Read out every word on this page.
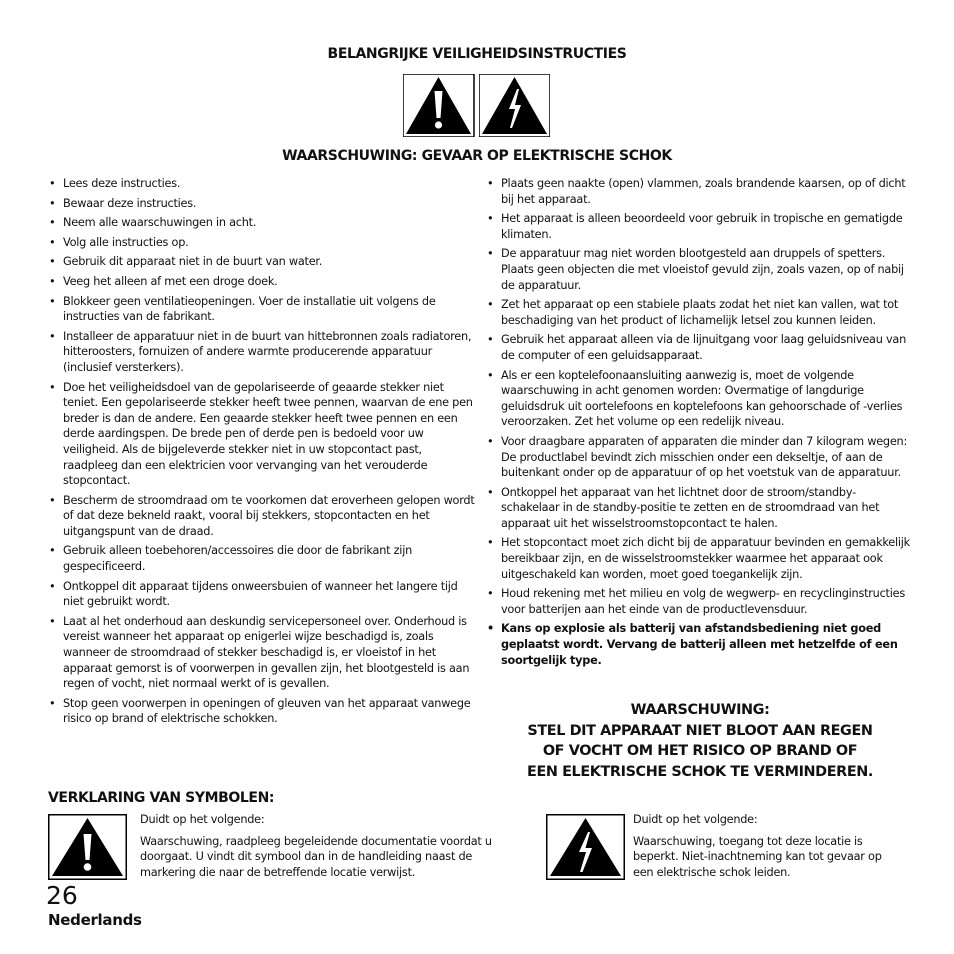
BELANGRIJKE VEILIGHEIDSINSTRUCTIES
WAARSCHUWING: GEVAAR OP ELEKTRISCHE SCHOK
• Lees deze instructies.
• Bewaar deze instructies.
• Neem alle waarschuwingen in acht.
• Volg alle instructies op.
• Gebruik dit apparaat niet in de buurt van water.
• Veeg het alleen af met een droge doek.
• Blokkeer geen ventilatieopeningen. Voer de installatie uit volgens de instructies van de fabrikant.
• Installeer de apparatuur niet in de buurt van hittebronnen zoals radiatoren, hitteroosters, fornuizen of andere warmte producerende apparatuur (inclusief versterkers).
• Doe het veiligheidsdoel van de gepolariseerde of geaarde stekker niet teniet. Een gepolariseerde stekker heeft twee pennen, waarvan de ene pen breder is dan de andere. Een geaarde stekker heeft twee pennen en een derde aardingspen. De brede pen of derde pen is bedoeld voor uw veiligheid. Als de bijgeleverde stekker niet in uw stopcontact past, raadpleeg dan een elektricien voor vervanging van het verouderde stopcontact.
• Bescherm de stroomdraad om te voorkomen dat eroverheen gelopen wordt of dat deze bekneld raakt, vooral bij stekkers, stopcontacten en het uitgangspunt van de draad.
• Gebruik alleen toebehoren/accessoires die door de fabrikant zijn gespecificeerd.
• Ontkoppel dit apparaat tijdens onweersbuien of wanneer het langere tijd niet gebruikt wordt.
• Laat al het onderhoud aan deskundig servicepersoneel over. Onderhoud is vereist wanneer het apparaat op enigerlei wijze beschadigd is, zoals wanneer de stroomdraad of stekker beschadigd is, er vloeistof in het apparaat gemorst is of voorwerpen in gevallen zijn, het blootgesteld is aan regen of vocht, niet normaal werkt of is gevallen.
• Stop geen voorwerpen in openingen of gleuven van het apparaat vanwege risico op brand of elektrische schokken.
• Plaats geen naakte (open) vlammen, zoals brandende kaarsen, op of dicht bij het apparaat.
• Het apparaat is alleen beoordeeld voor gebruik in tropische en gematigde klimaten.
• De apparatuur mag niet worden blootgesteld aan druppels of spetters. Plaats geen objecten die met vloeistof gevuld zijn, zoals vazen, op of nabij de apparatuur.
• Zet het apparaat op een stabiele plaats zodat het niet kan vallen, wat tot beschadiging van het product of lichamelijk letsel zou kunnen leiden.
• Gebruik het apparaat alleen via de lijnuitgang voor laag geluidsniveau van de computer of een geluidsapparaat.
• Als er een koptelefoonaansluiting aanwezig is, moet de volgende waarschuwing in acht genomen worden: Overmatige of langdurige geluidsdruk uit oortelefoons en koptelefoons kan gehoorschade of -verlies veroorzaken. Zet het volume op een redelijk niveau.
• Voor draagbare apparaten of apparaten die minder dan 7 kilogram wegen: De productlabel bevindt zich misschien onder een dekseltje, of aan de buitenkant onder op de apparatuur of op het voetstuk van de apparatuur.
• Ontkoppel het apparaat van het lichtnet door de stroom/standby-schakelaar in de standby-positie te zetten en de stroomdraad van het apparaat uit het wisselstroomstopcontact te halen.
• Het stopcontact moet zich dicht bij de apparatuur bevinden en gemakkelijk bereikbaar zijn, en de wisselstroomstekker waarmee het apparaat ook uitgeschakeld kan worden, moet goed toegankelijk zijn.
• Houd rekening met het milieu en volg de wegwerp- en recyclinginstructies voor batterijen aan het einde van de productlevensduur.
• Kans op explosie als batterij van afstandsbediening niet goed geplaatst wordt. Vervang de batterij alleen met hetzelfde of een soortgelijk type.
WAARSCHUWING:
STEL DIT APPARAAT NIET BLOOT AAN REGEN
OF VOCHT OM HET RISICO OP BRAND OF
EEN ELEKTRISCHE SCHOK TE VERMINDEREN.
VERKLARING VAN SYMBOLEN:

Duidt op het volgende:

Waarschuwing, raadpleeg begeleidende documentatie voordat u doorgaat. U vindt dit symbool dan in de handleiding naast de markering die naar de betreffende locatie verwijst.

Duidt op het volgende:

Waarschuwing, toegang tot deze locatie is beperkt. Niet-inachtneming kan tot gevaar op een elektrische schok leiden.

26
Nederlands
